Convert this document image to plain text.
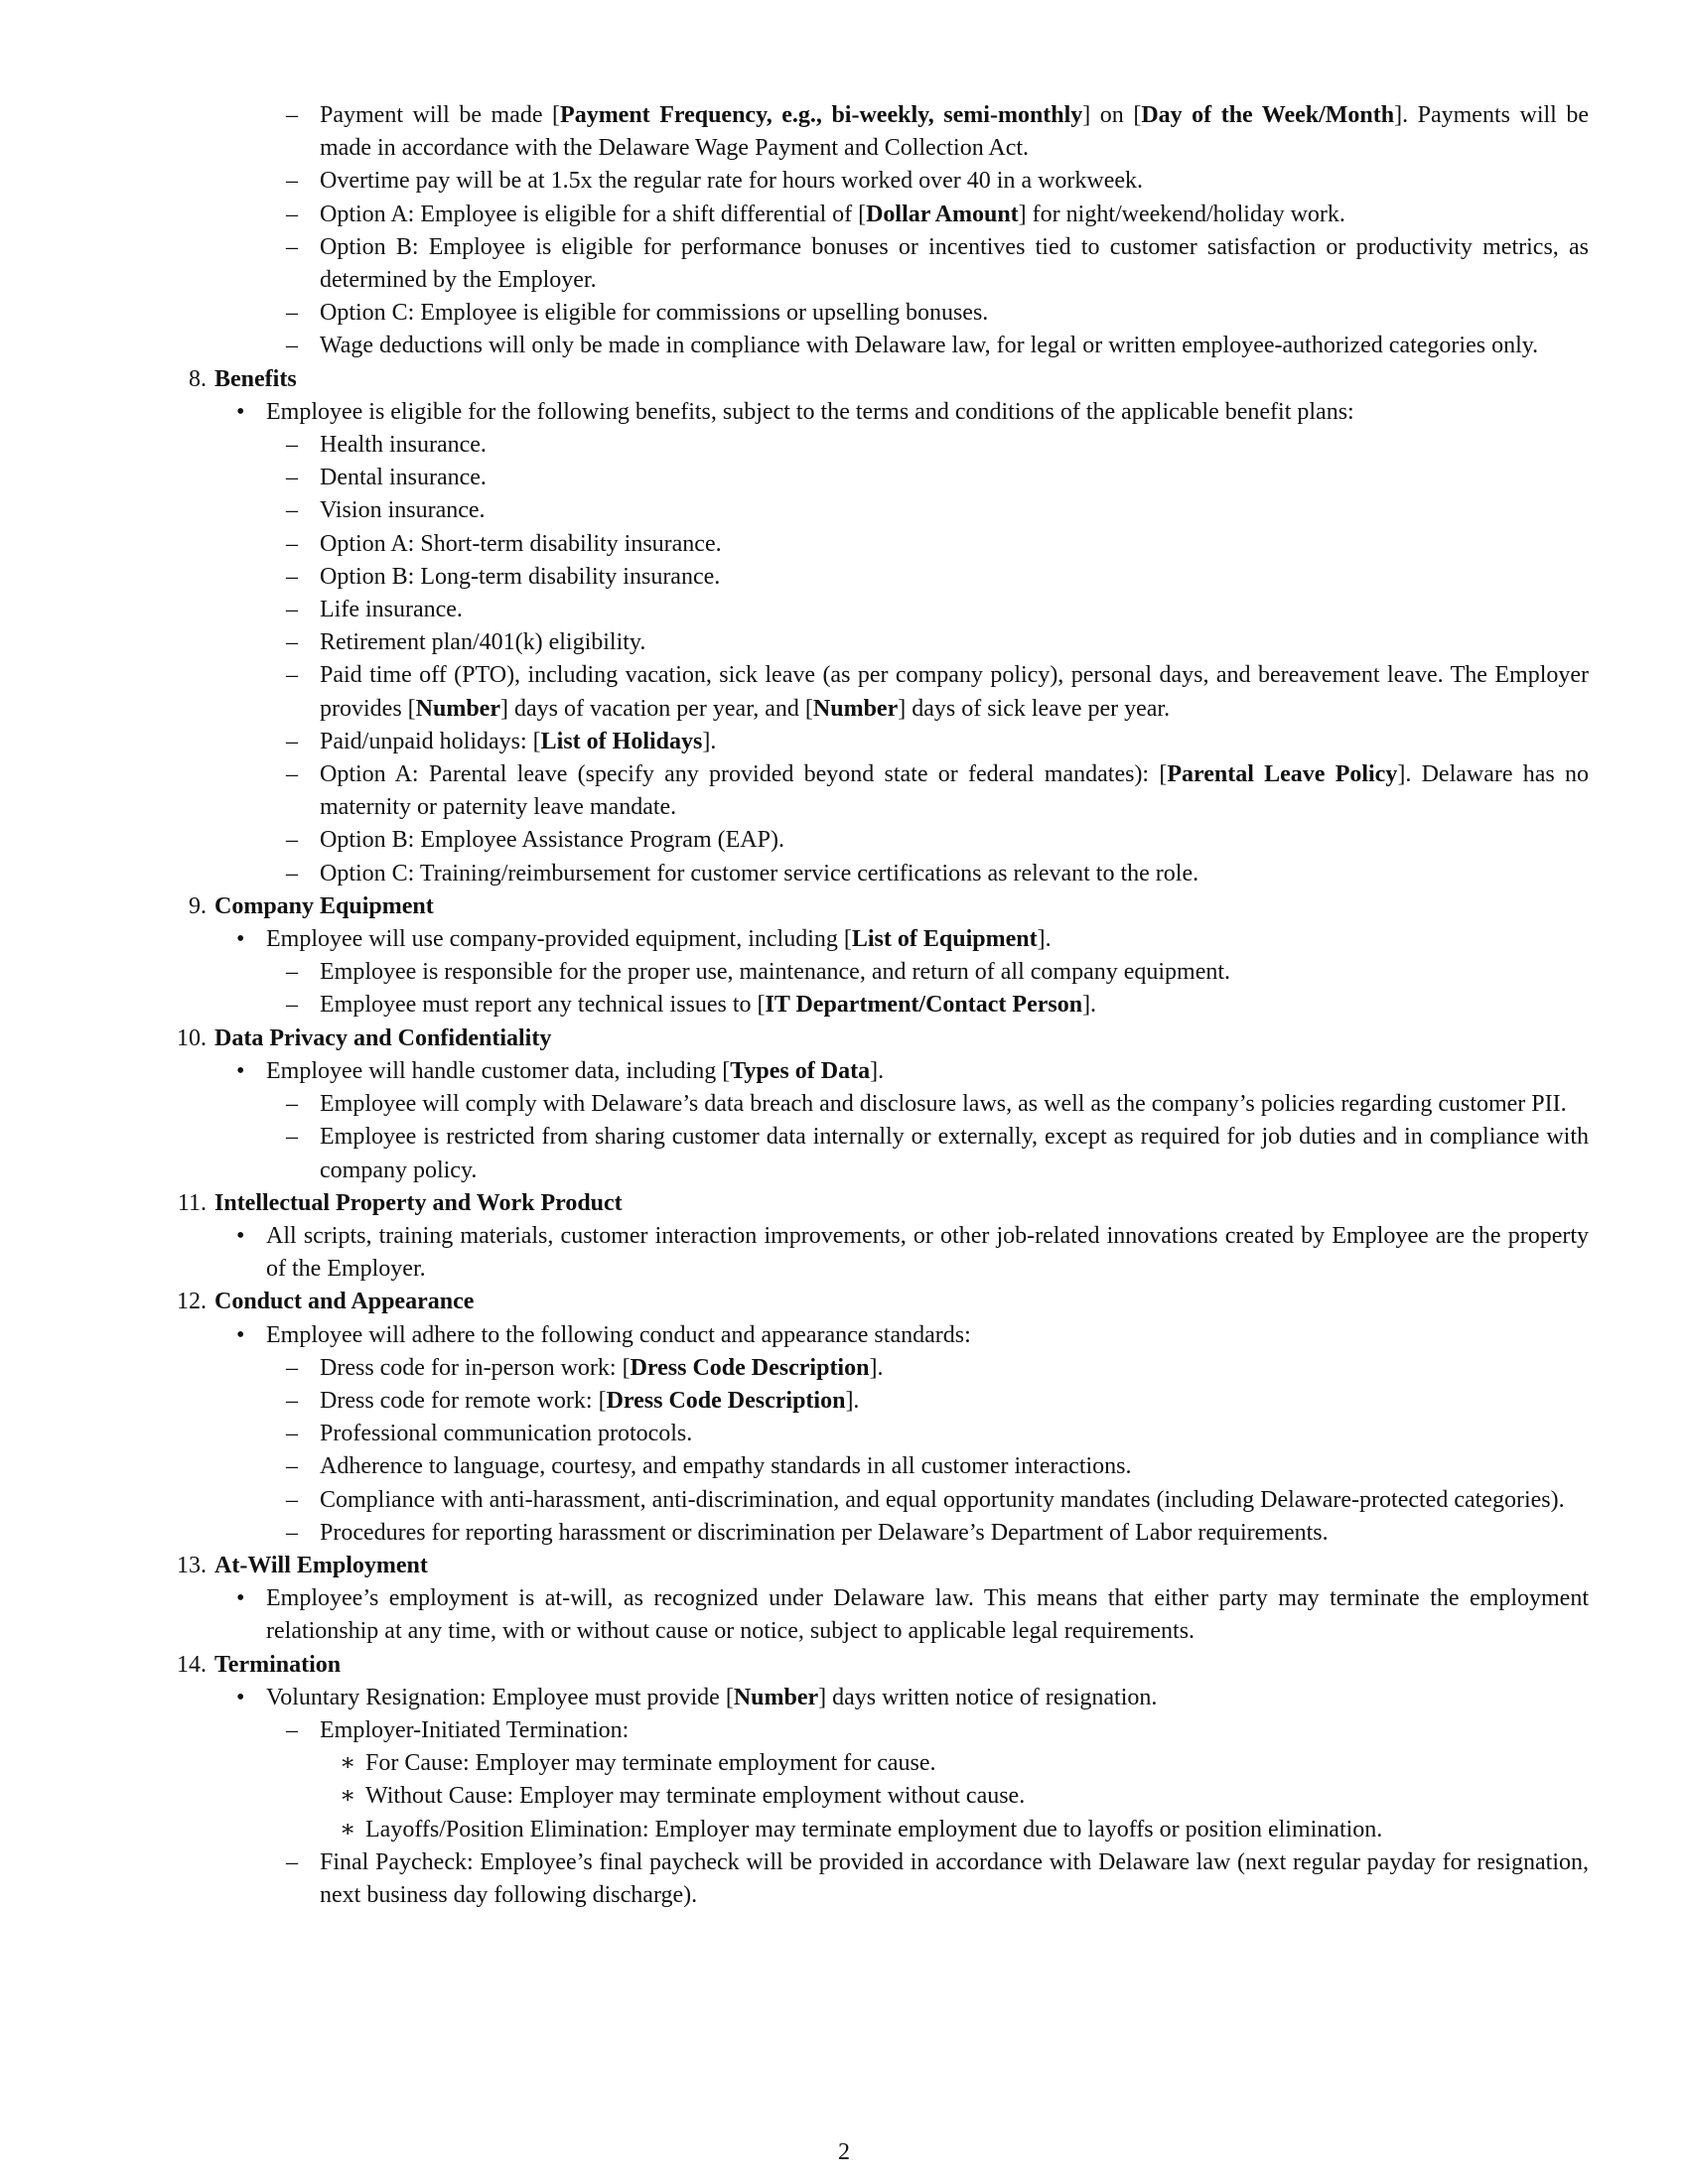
– Payment will be made [Payment Frequency, e.g., bi-weekly, semi-monthly] on [Day of the Week/Month]. Payments will be made in accordance with the Delaware Wage Payment and Collection Act.
– Overtime pay will be at 1.5x the regular rate for hours worked over 40 in a workweek.
– Option A: Employee is eligible for a shift differential of [Dollar Amount] for night/weekend/holiday work.
– Option B: Employee is eligible for performance bonuses or incentives tied to customer satisfaction or productivity metrics, as determined by the Employer.
– Option C: Employee is eligible for commissions or upselling bonuses.
– Wage deductions will only be made in compliance with Delaware law, for legal or written employee-authorized categories only.
8. Benefits
• Employee is eligible for the following benefits, subject to the terms and conditions of the applicable benefit plans:
– Health insurance.
– Dental insurance.
– Vision insurance.
– Option A: Short-term disability insurance.
– Option B: Long-term disability insurance.
– Life insurance.
– Retirement plan/401(k) eligibility.
– Paid time off (PTO), including vacation, sick leave (as per company policy), personal days, and bereavement leave. The Employer provides [Number] days of vacation per year, and [Number] days of sick leave per year.
– Paid/unpaid holidays: [List of Holidays].
– Option A: Parental leave (specify any provided beyond state or federal mandates): [Parental Leave Policy]. Delaware has no maternity or paternity leave mandate.
– Option B: Employee Assistance Program (EAP).
– Option C: Training/reimbursement for customer service certifications as relevant to the role.
9. Company Equipment
• Employee will use company-provided equipment, including [List of Equipment].
– Employee is responsible for the proper use, maintenance, and return of all company equipment.
– Employee must report any technical issues to [IT Department/Contact Person].
10. Data Privacy and Confidentiality
• Employee will handle customer data, including [Types of Data].
– Employee will comply with Delaware’s data breach and disclosure laws, as well as the company’s policies regarding customer PII.
– Employee is restricted from sharing customer data internally or externally, except as required for job duties and in compliance with company policy.
11. Intellectual Property and Work Product
• All scripts, training materials, customer interaction improvements, or other job-related innovations created by Employee are the property of the Employer.
12. Conduct and Appearance
• Employee will adhere to the following conduct and appearance standards:
– Dress code for in-person work: [Dress Code Description].
– Dress code for remote work: [Dress Code Description].
– Professional communication protocols.
– Adherence to language, courtesy, and empathy standards in all customer interactions.
– Compliance with anti-harassment, anti-discrimination, and equal opportunity mandates (including Delaware-protected categories).
– Procedures for reporting harassment or discrimination per Delaware’s Department of Labor requirements.
13. At-Will Employment
• Employee’s employment is at-will, as recognized under Delaware law. This means that either party may terminate the employment relationship at any time, with or without cause or notice, subject to applicable legal requirements.
14. Termination
• Voluntary Resignation: Employee must provide [Number] days written notice of resignation.
– Employer-Initiated Termination:
∗ For Cause: Employer may terminate employment for cause.
∗ Without Cause: Employer may terminate employment without cause.
∗ Layoffs/Position Elimination: Employer may terminate employment due to layoffs or position elimination.
– Final Paycheck: Employee’s final paycheck will be provided in accordance with Delaware law (next regular payday for resignation, next business day following discharge).
2
